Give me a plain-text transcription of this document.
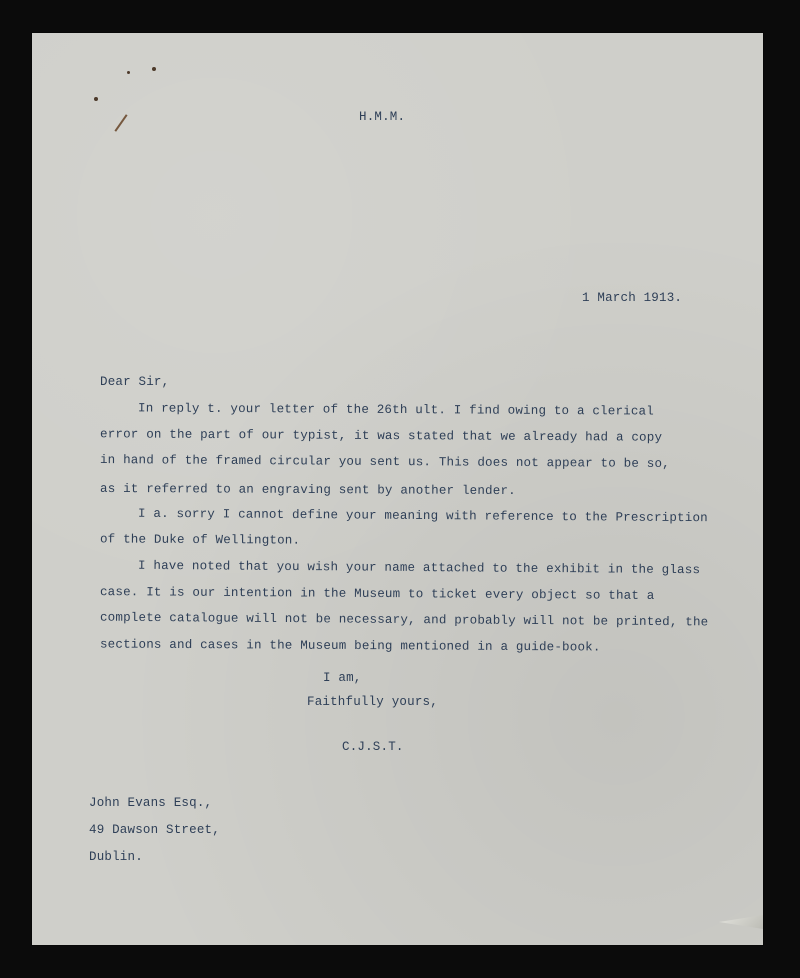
H.M.M.
1 March 1913.
Dear Sir,
In reply t. your letter of the 26th ult. I find owing to a clerical
error on the part of our typist, it was stated that we already had a copy
in hand of the framed circular you sent us. This does not appear to be so,
as it referred to an engraving sent by another lender.
I a. sorry I cannot define your meaning with reference to the Prescription
of the Duke of Wellington.
I have noted that you wish your name attached to the exhibit in the glass
case. It is our intention in the Museum to ticket every object so that a
complete catalogue will not be necessary, and probably will not be printed, the
sections and cases in the Museum being mentioned in a guide-book.
I am,
Faithfully yours,
C.J.S.T.
John Evans Esq.,
49 Dawson Street,
Dublin.
